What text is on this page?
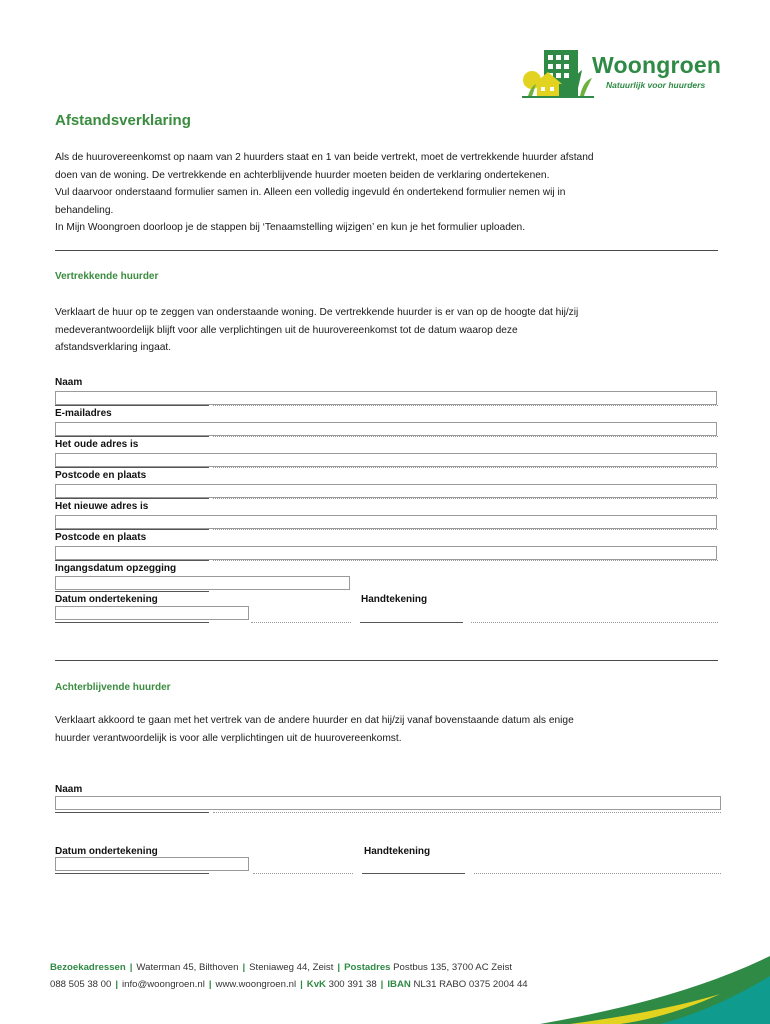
Woongroen
Natuurlijk voor huurders
Afstandsverklaring

Als de huurovereenkomst op naam van 2 huurders staat en 1 van beide vertrekt, moet de vertrekkende huurder afstand

doen van de woning. De vertrekkende en achterblijvende huurder moeten beiden de verklaring ondertekenen.

Vul daarvoor onderstaand formulier samen in. Alleen een volledig ingevuld én ondertekend formulier nemen wij in

behandeling.

In Mijn Woongroen doorloop je de stappen bij ‘Tenaamstelling wijzigen’ en kun je het formulier uploaden.

Vertrekkende huurder

Verklaart de huur op te zeggen van onderstaande woning. De vertrekkende huurder is er van op de hoogte dat hij/zij

medeverantwoordelijk blijft voor alle verplichtingen uit de huurovereenkomst tot de datum waarop deze

afstandsverklaring ingaat.

Naam
E-mailadres
Het oude adres is
Postcode en plaats
Het nieuwe adres is
Postcode en plaats
Ingangsdatum opzegging
Datum ondertekening	Handtekening
Achterblijvende huurder

Verklaart akkoord te gaan met het vertrek van de andere huurder en dat hij/zij vanaf bovenstaande datum als enige

huurder verantwoordelijk is voor alle verplichtingen uit de huurovereenkomst.

Naam
Datum ondertekening	Handtekening
Bezoekadressen | Waterman 45, Bilthoven | Steniaweg 44, Zeist | Postadres Postbus 135, 3700 AC Zeist
088 505 38 00 | info@woongroen.nl | www.woongroen.nl | KvK 300 391 38 | IBAN NL31 RABO 0375 2004 44
